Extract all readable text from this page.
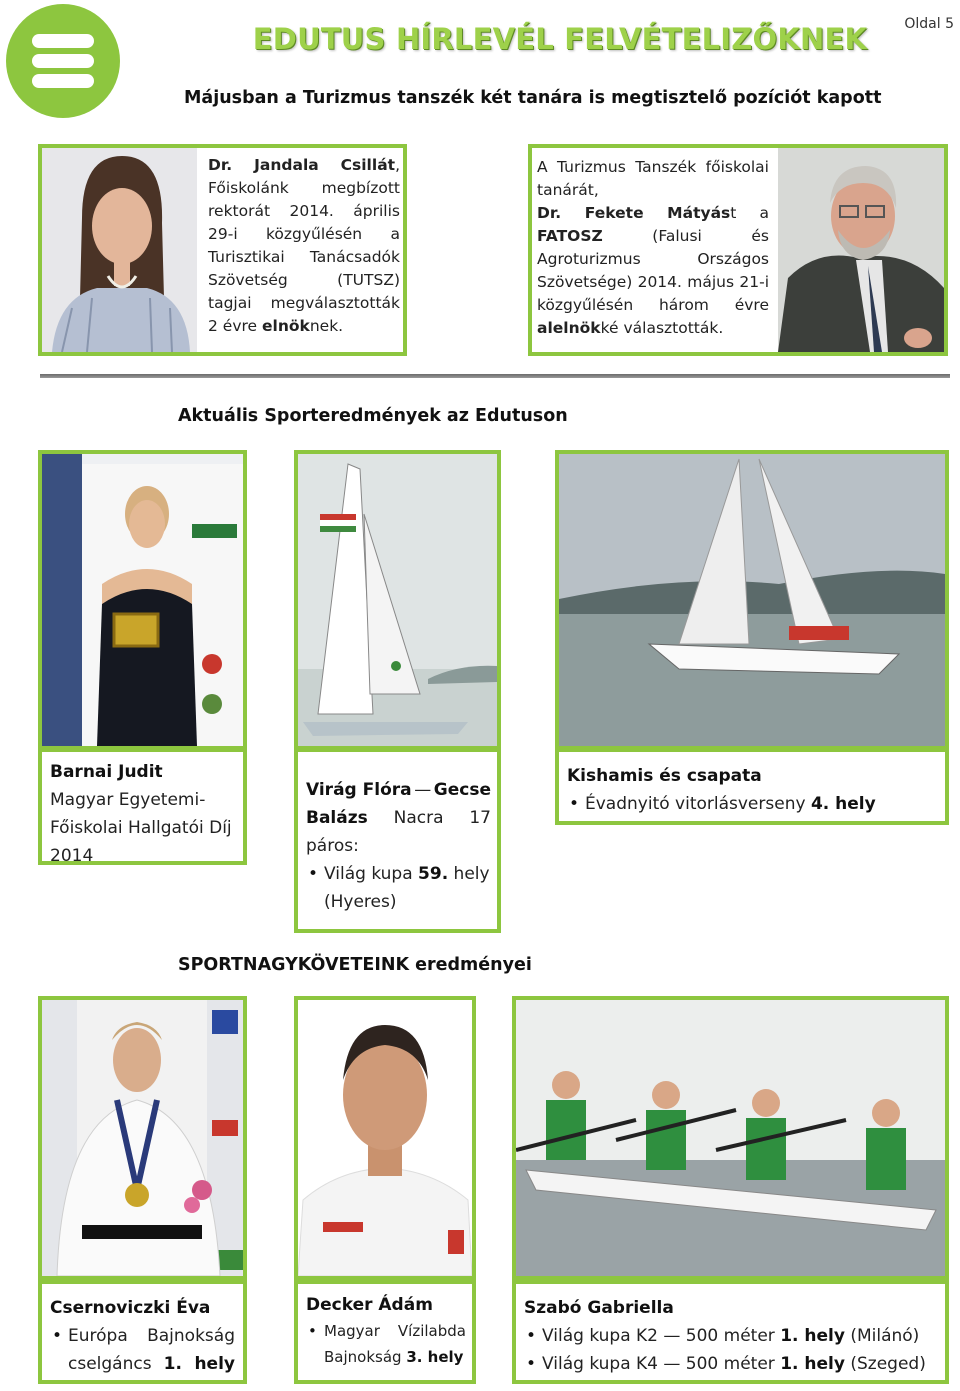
EDUTUS HÍRLEVÉL FELVÉTELIZŐKNEK	Oldal 5
Májusban a Turizmus tanszék két tanára is megtisztelő pozíciót kapott
Dr. Jandala Csillát, Főiskolánk megbízott rektorát 2014. április 29-i közgyűlésén a Turisztikai Tanácsadók Szövetség (TUTSZ) tagjai megválasztották 2 évre elnöknek.
A Turizmus Tanszék főiskolai tanárát,
Dr. Fekete Mátyást a FATOSZ (Falusi és Agroturizmus Országos Szövetsége) 2014. május 21-i közgyűlésén három évre alelnökké választották.
Aktuális Sporteredmények az Edutuson
Barnai Judit
Magyar Egyetemi-
Főiskolai Hallgatói Díj
2014
Virág Flóra — Gecse
Balázs Nacra 17 páros:
• Világ kupa 59. hely (Hyeres)
Kishamis és csapata
• Évadnyitó vitorlásverseny 4. hely
SPORTNAGYKÖVETEINK eredményei
Csernoviczki Éva
• Európa Bajnokság cselgáncs 1. hely
Decker Ádám
• Magyar Vízilabda Bajnokság 3. hely
Szabó Gabriella
• Világ kupa K2 — 500 méter 1. hely (Milánó)
• Világ kupa K4 — 500 méter 1. hely (Szeged)
